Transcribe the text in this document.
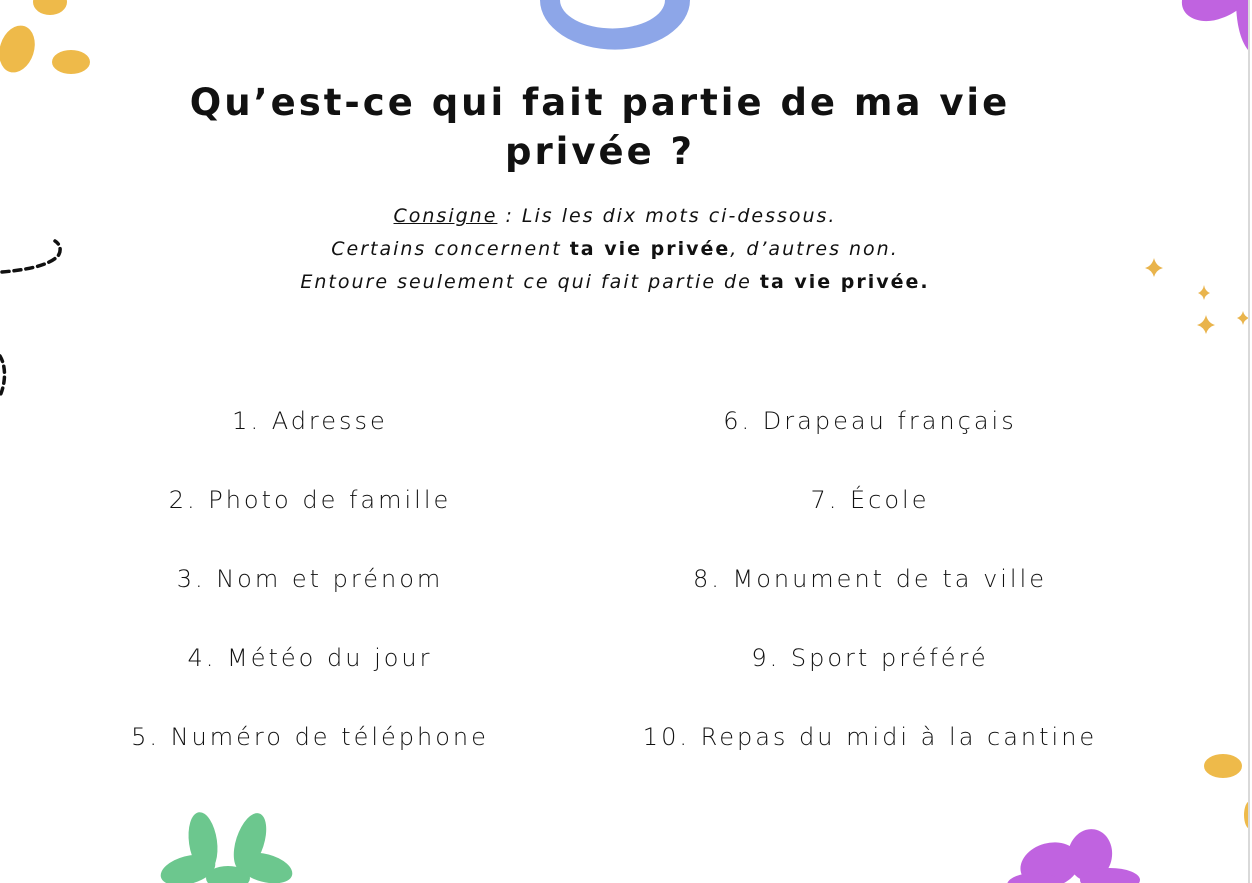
Qu’est-ce qui fait partie de ma vie privée ?
Consigne : Lis les dix mots ci-dessous.
Certains concernent ta vie privée, d’autres non.
Entoure seulement ce qui fait partie de ta vie privée.
1. Adresse
2. Photo de famille
3. Nom et prénom
4. Météo du jour
5. Numéro de téléphone
6. Drapeau français
7. École
8. Monument de ta ville
9. Sport préféré
10. Repas du midi à la cantine
